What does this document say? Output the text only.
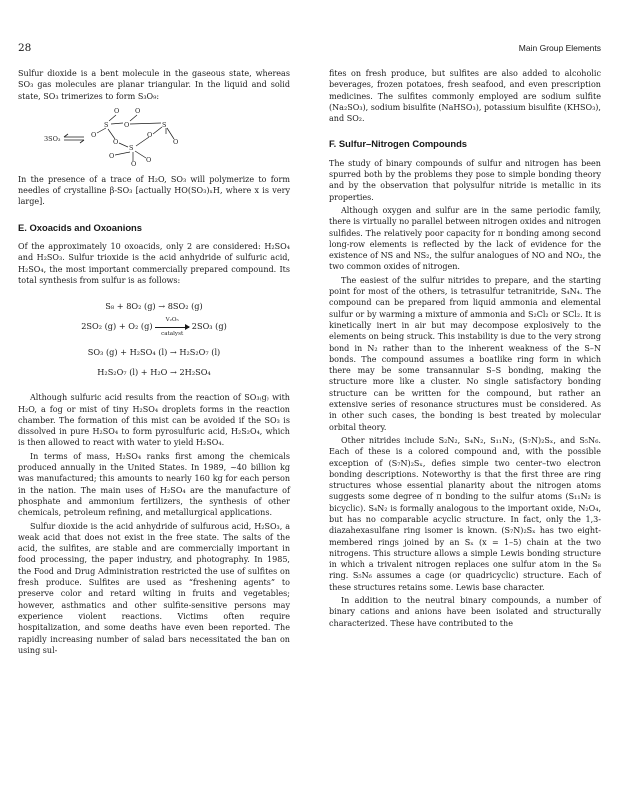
28	Main Group Elements

Sulfur dioxide is a bent molecule in the gaseous state, whereas SO₃ gas molecules are planar triangular. In the liquid and solid state, SO₃ trimerizes to form S₃O₉:

3SO₃
O O
S O	S
O	O
O	O
S
O	O
O

In the presence of a trace of H₂O, SO₃ will polymerize to form needles of crystalline β-SO₃ [actually HO(SO₃)ₓH, where x is very large].

E. Oxoacids and Oxoanions

Of the approximately 10 oxoacids, only 2 are considered: H₂SO₄ and H₂SO₃. Sulfur trioxide is the acid anhydride of sulfuric acid, H₂SO₄, the most important commercially prepared compound. Its total synthesis from sulfur is as follows:

S₈ + 8O₂ (g) → 8SO₂ (g)
2SO₂ (g) + O₂ (g)
V₂O₅
catalyst
2SO₃ (g)
SO₃ (g) + H₂SO₄ (l) → H₂S₂O₇ (l)
H₂S₂O₇ (l) + H₂O → 2H₂SO₄

Although sulfuric acid results from the reaction of SO₃₍g₎ with H₂O, a fog or mist of tiny H₂SO₄ droplets forms in the reaction chamber. The formation of this mist can be avoided if the SO₃ is dissolved in pure H₂SO₄ to form pyrosulfuric acid, H₂S₂O₄, which is then allowed to react with water to yield H₂SO₄.

In terms of mass, H₂SO₄ ranks first among the chemicals produced annually in the United States. In 1989, ~40 billion kg was manufactured; this amounts to nearly 160 kg for each person in the nation. The main uses of H₂SO₄ are the manufacture of phosphate and ammonium fertilizers, the synthesis of other chemicals, petroleum refining, and metallurgical applications.

Sulfur dioxide is the acid anhydride of sulfurous acid, H₂SO₃, a weak acid that does not exist in the free state. The salts of the acid, the sulfites, are stable and are commercially important in food processing, the paper industry, and photography. In 1985, the Food and Drug Administration restricted the use of sulfites on fresh produce. Sulfites are used as “freshening agents” to preserve color and retard wilting in fruits and vegetables; however, asthmatics and other sulfite-sensitive persons may experience violent reactions. Victims often require hospitalization, and some deaths have even been reported. The rapidly increasing number of salad bars necessitated the ban on using sul-

fites on fresh produce, but sulfites are also added to alcoholic beverages, frozen potatoes, fresh seafood, and even prescription medicines. The sulfites commonly employed are sodium sulfite (Na₂SO₃), sodium bisulfite (NaHSO₃), potassium bisulfite (KHSO₃), and SO₂.

F. Sulfur–Nitrogen Compounds

The study of binary compounds of sulfur and nitrogen has been spurred both by the problems they pose to simple bonding theory and by the observation that polysulfur nitride is metallic in its properties.

Although oxygen and sulfur are in the same periodic family, there is virtually no parallel between nitrogen oxides and nitrogen sulfides. The relatively poor capacity for π bonding among second long-row elements is reflected by the lack of evidence for the existence of NS and NS₂, the sulfur analogues of NO and NO₂, the two common oxides of nitrogen.

The easiest of the sulfur nitrides to prepare, and the starting point for most of the others, is tetrasulfur tetranitride, S₄N₄. The compound can be prepared from liquid ammonia and elemental sulfur or by warming a mixture of ammonia and S₂Cl₂ or SCl₂. It is kinetically inert in air but may decompose explosively to the elements on being struck. This instability is due to the very strong bond in N₂ rather than to the inherent weakness of the S–N bonds. The compound assumes a boatlike ring form in which there may be some transannular S–S bonding, making the structure more like a cluster. No single satisfactory bonding structure can be written for the compound, but rather an extensive series of resonance structures must be considered. As in other such cases, the bonding is best treated by molecular orbital theory.

Other nitrides include S₂N₂, S₄N₂, S₁₁N₂, (S₇N)₂Sₓ, and S₅N₆. Each of these is a colored compound and, with the possible exception of (S₇N)₂Sₓ, defies simple two center–two electron bonding descriptions. Noteworthy is that the first three are ring structures whose essential planarity about the nitrogen atoms suggests some degree of π bonding to the sulfur atoms (S₁₁N₂ is bicyclic). S₄N₂ is formally analogous to the important oxide, N₂O₄, but has no comparable acyclic structure. In fact, only the 1,3-diazahexasulfane ring isomer is known. (S₇N)₂Sₓ has two eight-membered rings joined by an Sₓ (x = 1–5) chain at the two nitrogens. This structure allows a simple Lewis bonding structure in which a trivalent nitrogen replaces one sulfur atom in the S₈ ring. S₅N₆ assumes a cage (or quadricyclic) structure. Each of these structures retains some. Lewis base character.

In addition to the neutral binary compounds, a number of binary cations and anions have been isolated and structurally characterized. These have contributed to the
